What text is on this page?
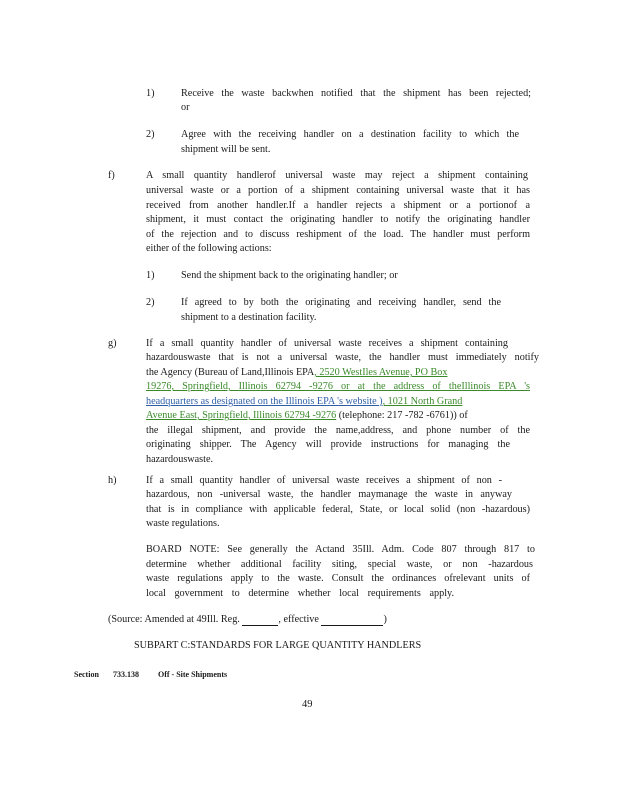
1)	Receive the waste backwhen notified that the shipment has been rejected;
or
2)	Agree with the receiving handler on a destination facility to which the
shipment will be sent.
f)	A small quantity handlerof universal waste may reject a shipment containing
universal waste or a portion of a shipment containing universal waste that it has
received from another handler.If a handler rejects a shipment or a portionof a
shipment, it must contact the originating handler to notify the originating handler
of the rejection and to discuss reshipment of the load. The handler must perform
either of the following actions:
1)	Send the shipment back to the originating handler; or
2)	If agreed to by both the originating and receiving handler, send the
shipment to a destination facility.
g)	If a small quantity handler of universal waste receives a shipment containing
hazardouswaste that is not a universal waste, the handler must immediately notify
the Agency (Bureau of Land,Illinois EPA, 2520 WestIles Avenue, PO Box
19276, Springfield, Illinois 62794 -9276 or at the address of theIllinois EPA 's
headquarters as designated on the Illinois EPA 's website ), 1021 North Grand
Avenue East, Springfield, Illinois 62794 -9276 (telephone: 217 -782 -6761)) of
the illegal shipment, and provide the name,address, and phone number of the
originating shipper. The Agency will provide instructions for managing the
hazardouswaste.
h)	If a small quantity handler of universal waste receives a shipment of non -
hazardous, non -universal waste, the handler maymanage the waste in anyway
that is in compliance with applicable federal, State, or local solid (non -hazardous)
waste regulations.
BOARD NOTE: See generally the Actand 35Ill. Adm. Code 807 through 817 to
determine whether additional facility siting, special waste, or non -hazardous
waste regulations apply to the waste. Consult the ordinances ofrelevant units of
local government to determine whether local requirements apply.
(Source: Amended at 49Ill. Reg.	, effective	)
SUBPART C:STANDARDS FOR LARGE QUANTITY HANDLERS
Section 733.138 Off - Site Shipments
49
